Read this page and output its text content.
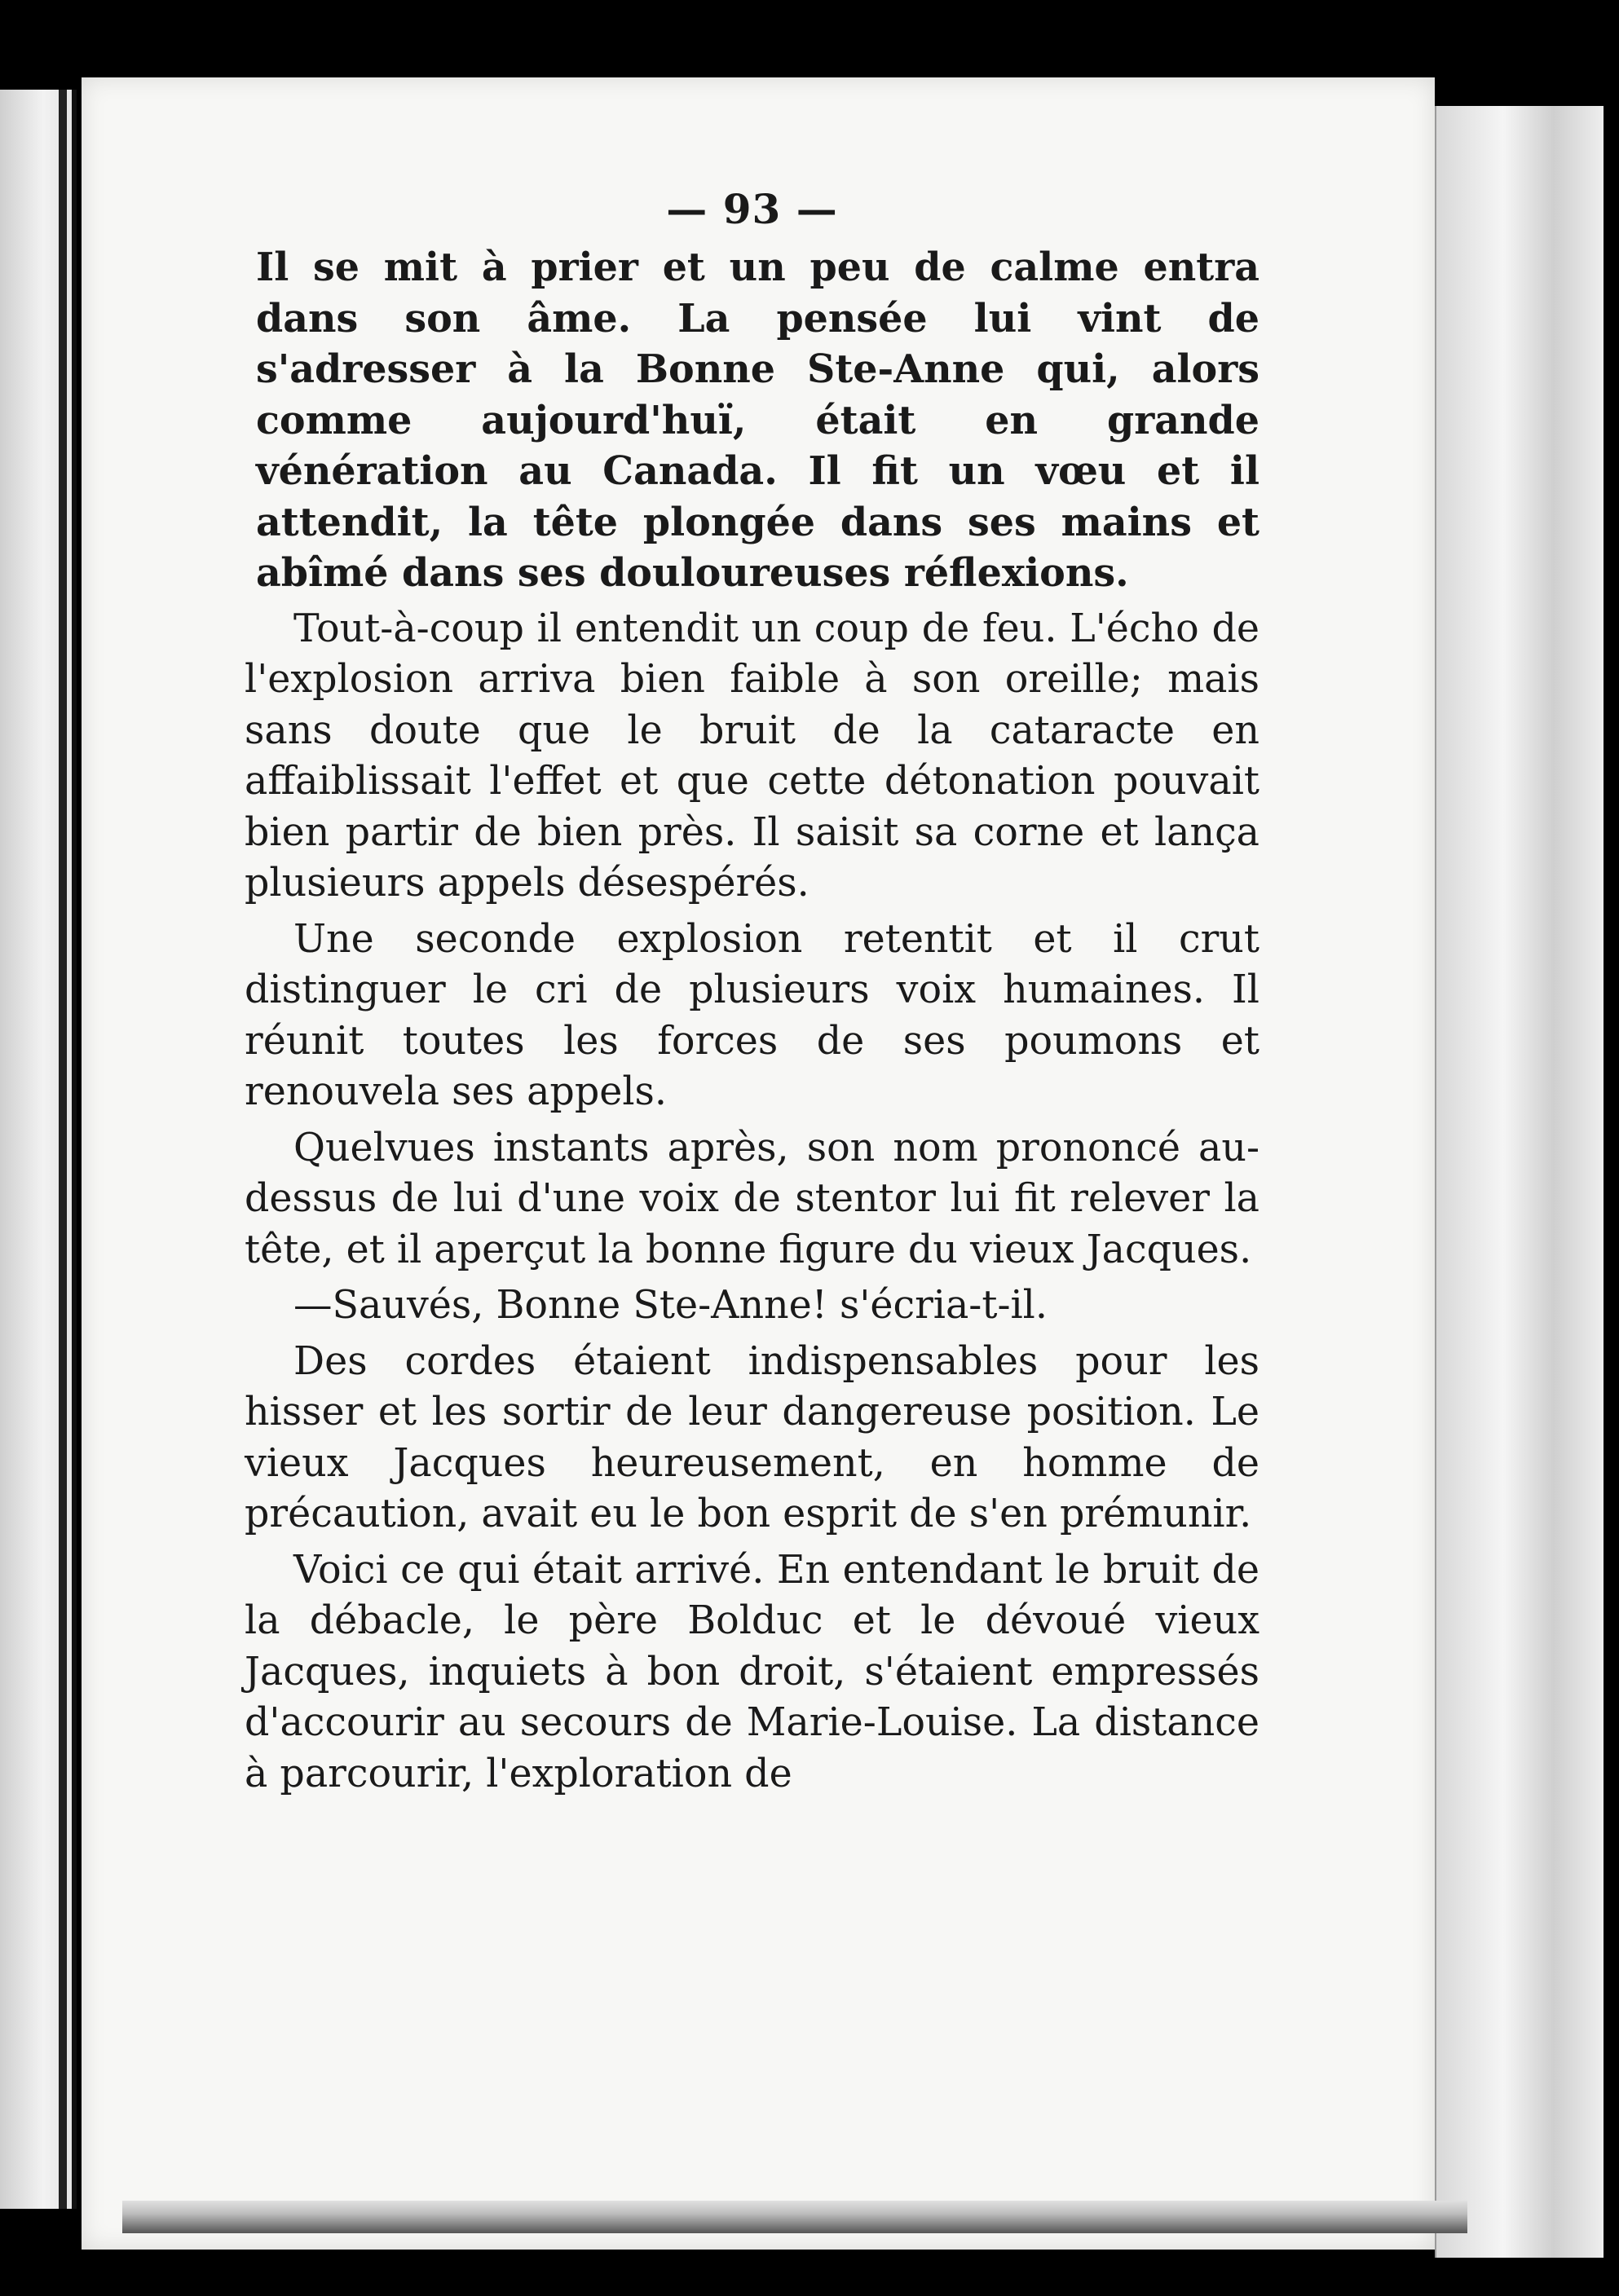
— 93 —

Il se mit à prier et un peu de calme entra dans son âme. La pensée lui vint de s'adresser à la Bonne Ste-Anne qui, alors comme aujourd'huï, était en grande vénération au Canada. Il fit un vœu et il attendit, la tête plongée dans ses mains et abîmé dans ses douloureuses réflexions.

Tout-à-coup il entendit un coup de feu. L'écho de l'explosion arriva bien faible à son oreille; mais sans doute que le bruit de la cataracte en affaiblissait l'effet et que cette détonation pouvait bien partir de bien près. Il saisit sa corne et lança plusieurs appels désespérés.

Une seconde explosion retentit et il crut distinguer le cri de plusieurs voix humaines. Il réunit toutes les forces de ses poumons et renouvela ses appels.

Quelvues instants après, son nom prononcé au-dessus de lui d'une voix de stentor lui fit relever la tête, et il aperçut la bonne figure du vieux Jacques.

—Sauvés, Bonne Ste-Anne! s'écria-t-il.

Des cordes étaient indispensables pour les hisser et les sortir de leur dangereuse position. Le vieux Jacques heureusement, en homme de précaution, avait eu le bon esprit de s'en prémunir.

Voici ce qui était arrivé. En entendant le bruit de la débacle, le père Bolduc et le dévoué vieux Jacques, inquiets à bon droit, s'étaient empressés d'accourir au secours de Marie-Louise. La distance à parcourir, l'exploration de
